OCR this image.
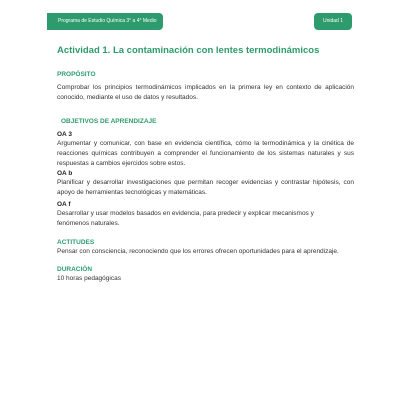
Programa de Estudio Química 3° a 4° Medio	Unidad 1
Actividad 1. La contaminación con lentes termodinámicos
PROPÓSITO
Comprobar los principios termodinámicos implicados en la primera ley en contexto de aplicación conocido, mediante el uso de datos y resultados.
OBJETIVOS DE APRENDIZAJE
OA 3
Argumentar y comunicar, con base en evidencia científica, cómo la termodinámica y la cinética de reacciones químicas contribuyen a comprender el funcionamiento de los sistemas naturales y sus respuestas a cambios ejercidos sobre estos.
OA b
Planificar y desarrollar investigaciones que permitan recoger evidencias y contrastar hipótesis, con apoyo de herramientas tecnológicas y matemáticas.
OA f
Desarrollar y usar modelos basados en evidencia, para predecir y explicar mecanismos y fenómenos naturales.
ACTITUDES
Pensar con consciencia, reconociendo que los errores ofrecen oportunidades para el aprendizaje.
DURACIÓN
10 horas pedagógicas
